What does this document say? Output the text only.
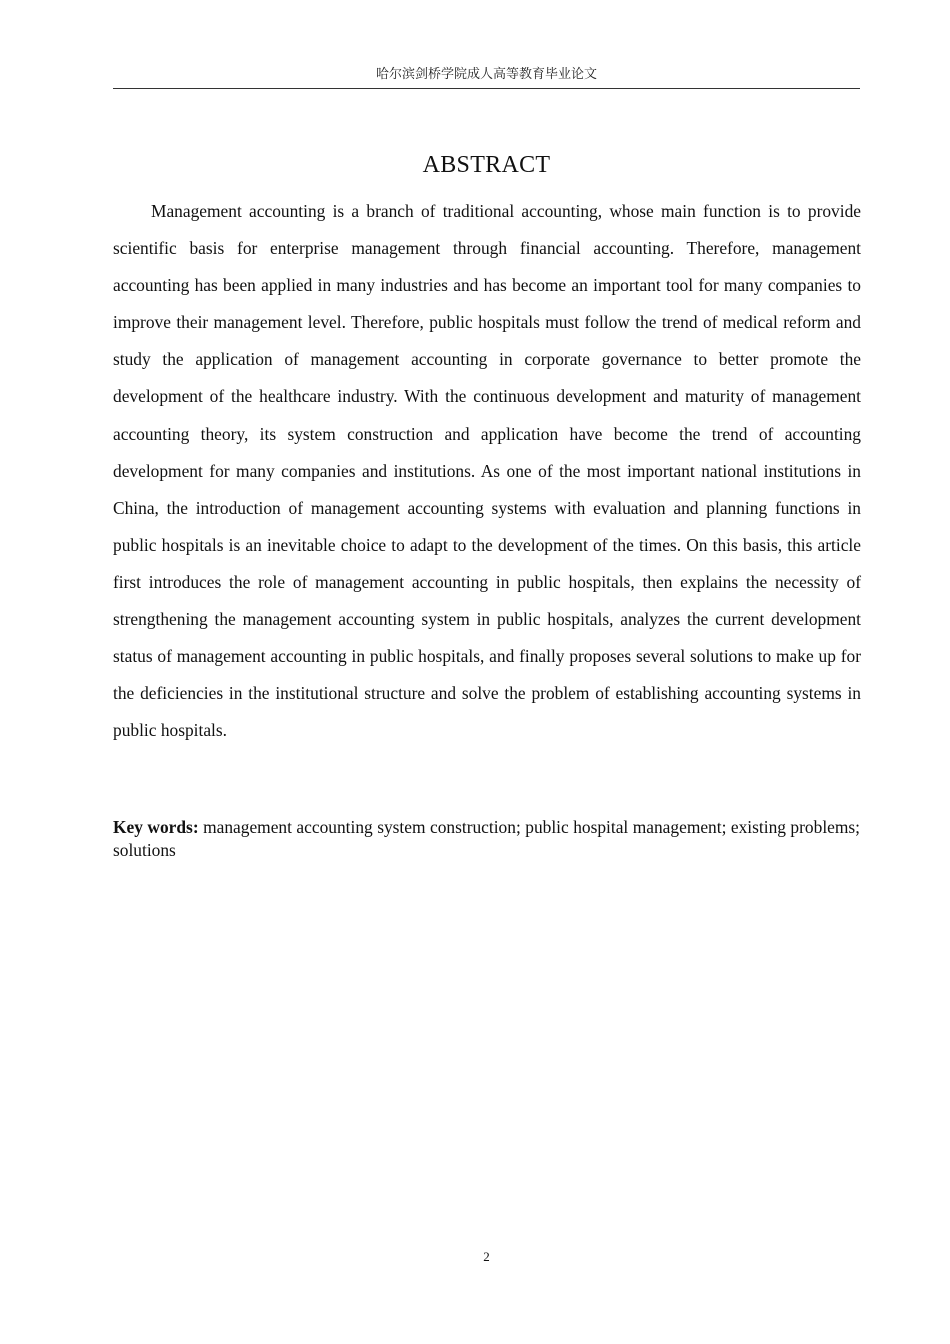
哈尔滨剑桥学院成人高等教育毕业论文
ABSTRACT

Management accounting is a branch of traditional accounting, whose main function is to provide scientific basis for enterprise management through financial accounting. Therefore, management accounting has been applied in many industries and has become an important tool for many companies to improve their management level. Therefore, public hospitals must follow the trend of medical reform and study the application of management accounting in corporate governance to better promote the development of the healthcare industry. With the continuous development and maturity of management accounting theory, its system construction and application have become the trend of accounting development for many companies and institutions. As one of the most important national institutions in China, the introduction of management accounting systems with evaluation and planning functions in public hospitals is an inevitable choice to adapt to the development of the times. On this basis, this article first introduces the role of management accounting in public hospitals, then explains the necessity of strengthening the management accounting system in public hospitals, analyzes the current development status of management accounting in public hospitals, and finally proposes several solutions to make up for the deficiencies in the institutional structure and solve the problem of establishing accounting systems in public hospitals.

Key words: management accounting system construction; public hospital management; existing problems; solutions

2
